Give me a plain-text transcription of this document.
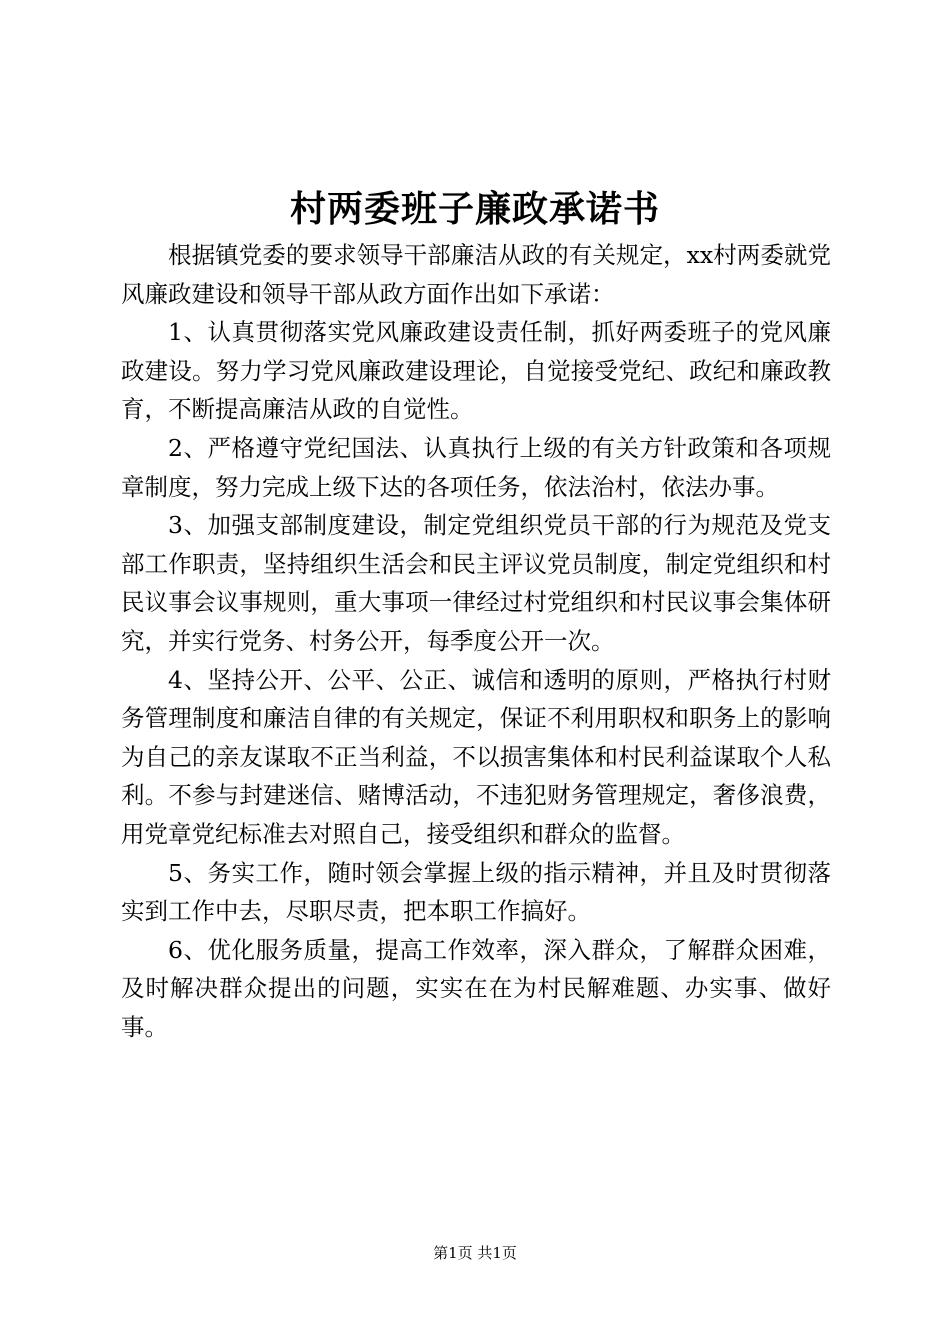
村两委班子廉政承诺书

根据镇党委的要求领导干部廉洁从政的有关规定，xx村两委就党风廉政建设和领导干部从政方面作出如下承诺：

1、认真贯彻落实党风廉政建设责任制，抓好两委班子的党风廉政建设。努力学习党风廉政建设理论，自觉接受党纪、政纪和廉政教育，不断提高廉洁从政的自觉性。

2、严格遵守党纪国法、认真执行上级的有关方针政策和各项规章制度，努力完成上级下达的各项任务，依法治村，依法办事。

3、加强支部制度建设，制定党组织党员干部的行为规范及党支部工作职责，坚持组织生活会和民主评议党员制度，制定党组织和村民议事会议事规则，重大事项一律经过村党组织和村民议事会集体研究，并实行党务、村务公开，每季度公开一次。

4、坚持公开、公平、公正、诚信和透明的原则，严格执行村财务管理制度和廉洁自律的有关规定，保证不利用职权和职务上的影响为自己的亲友谋取不正当利益，不以损害集体和村民利益谋取个人私利。不参与封建迷信、赌博活动，不违犯财务管理规定，奢侈浪费，用党章党纪标准去对照自己，接受组织和群众的监督。

5、务实工作，随时领会掌握上级的指示精神，并且及时贯彻落实到工作中去，尽职尽责，把本职工作搞好。

6、优化服务质量，提高工作效率，深入群众，了解群众困难，及时解决群众提出的问题，实实在在为村民解难题、办实事、做好事。

第1页 共1页
